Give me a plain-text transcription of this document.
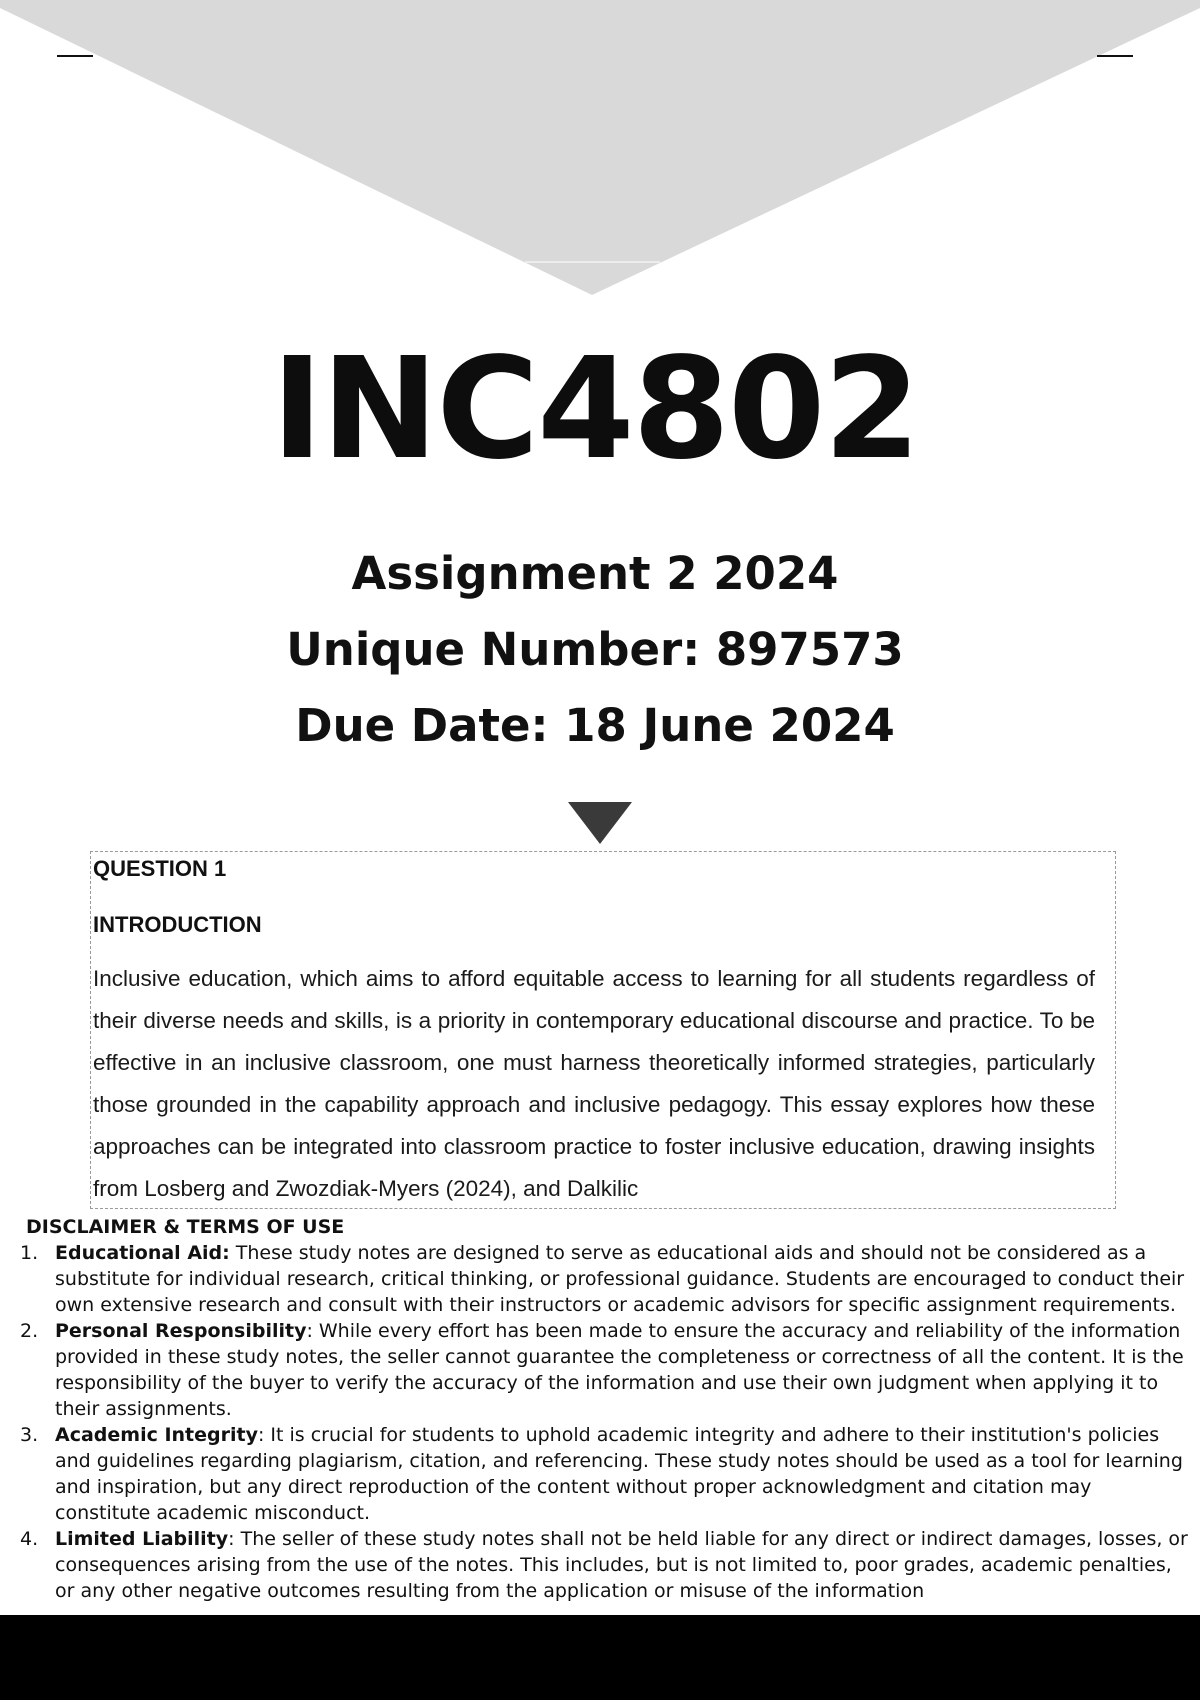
INC4802
Assignment 2 2024
Unique Number: 897573
Due Date: 18 June 2024
QUESTION 1
INTRODUCTION
Inclusive education, which aims to afford equitable access to learning for all students regardless of their diverse needs and skills, is a priority in contemporary educational discourse and practice. To be effective in an inclusive classroom, one must harness theoretically informed strategies, particularly those grounded in the capability approach and inclusive pedagogy. This essay explores how these approaches can be integrated into classroom practice to foster inclusive education, drawing insights from Losberg and Zwozdiak-Myers (2024), and Dalkilic
DISCLAIMER & TERMS OF USE
1. Educational Aid: These study notes are designed to serve as educational aids and should not be considered as a substitute for individual research, critical thinking, or professional guidance. Students are encouraged to conduct their own extensive research and consult with their instructors or academic advisors for specific assignment requirements.
2. Personal Responsibility: While every effort has been made to ensure the accuracy and reliability of the information provided in these study notes, the seller cannot guarantee the completeness or correctness of all the content. It is the responsibility of the buyer to verify the accuracy of the information and use their own judgment when applying it to their assignments.
3. Academic Integrity: It is crucial for students to uphold academic integrity and adhere to their institution's policies and guidelines regarding plagiarism, citation, and referencing. These study notes should be used as a tool for learning and inspiration, but any direct reproduction of the content without proper acknowledgment and citation may constitute academic misconduct.
4. Limited Liability: The seller of these study notes shall not be held liable for any direct or indirect damages, losses, or consequences arising from the use of the notes. This includes, but is not limited to, poor grades, academic penalties, or any other negative outcomes resulting from the application or misuse of the information
